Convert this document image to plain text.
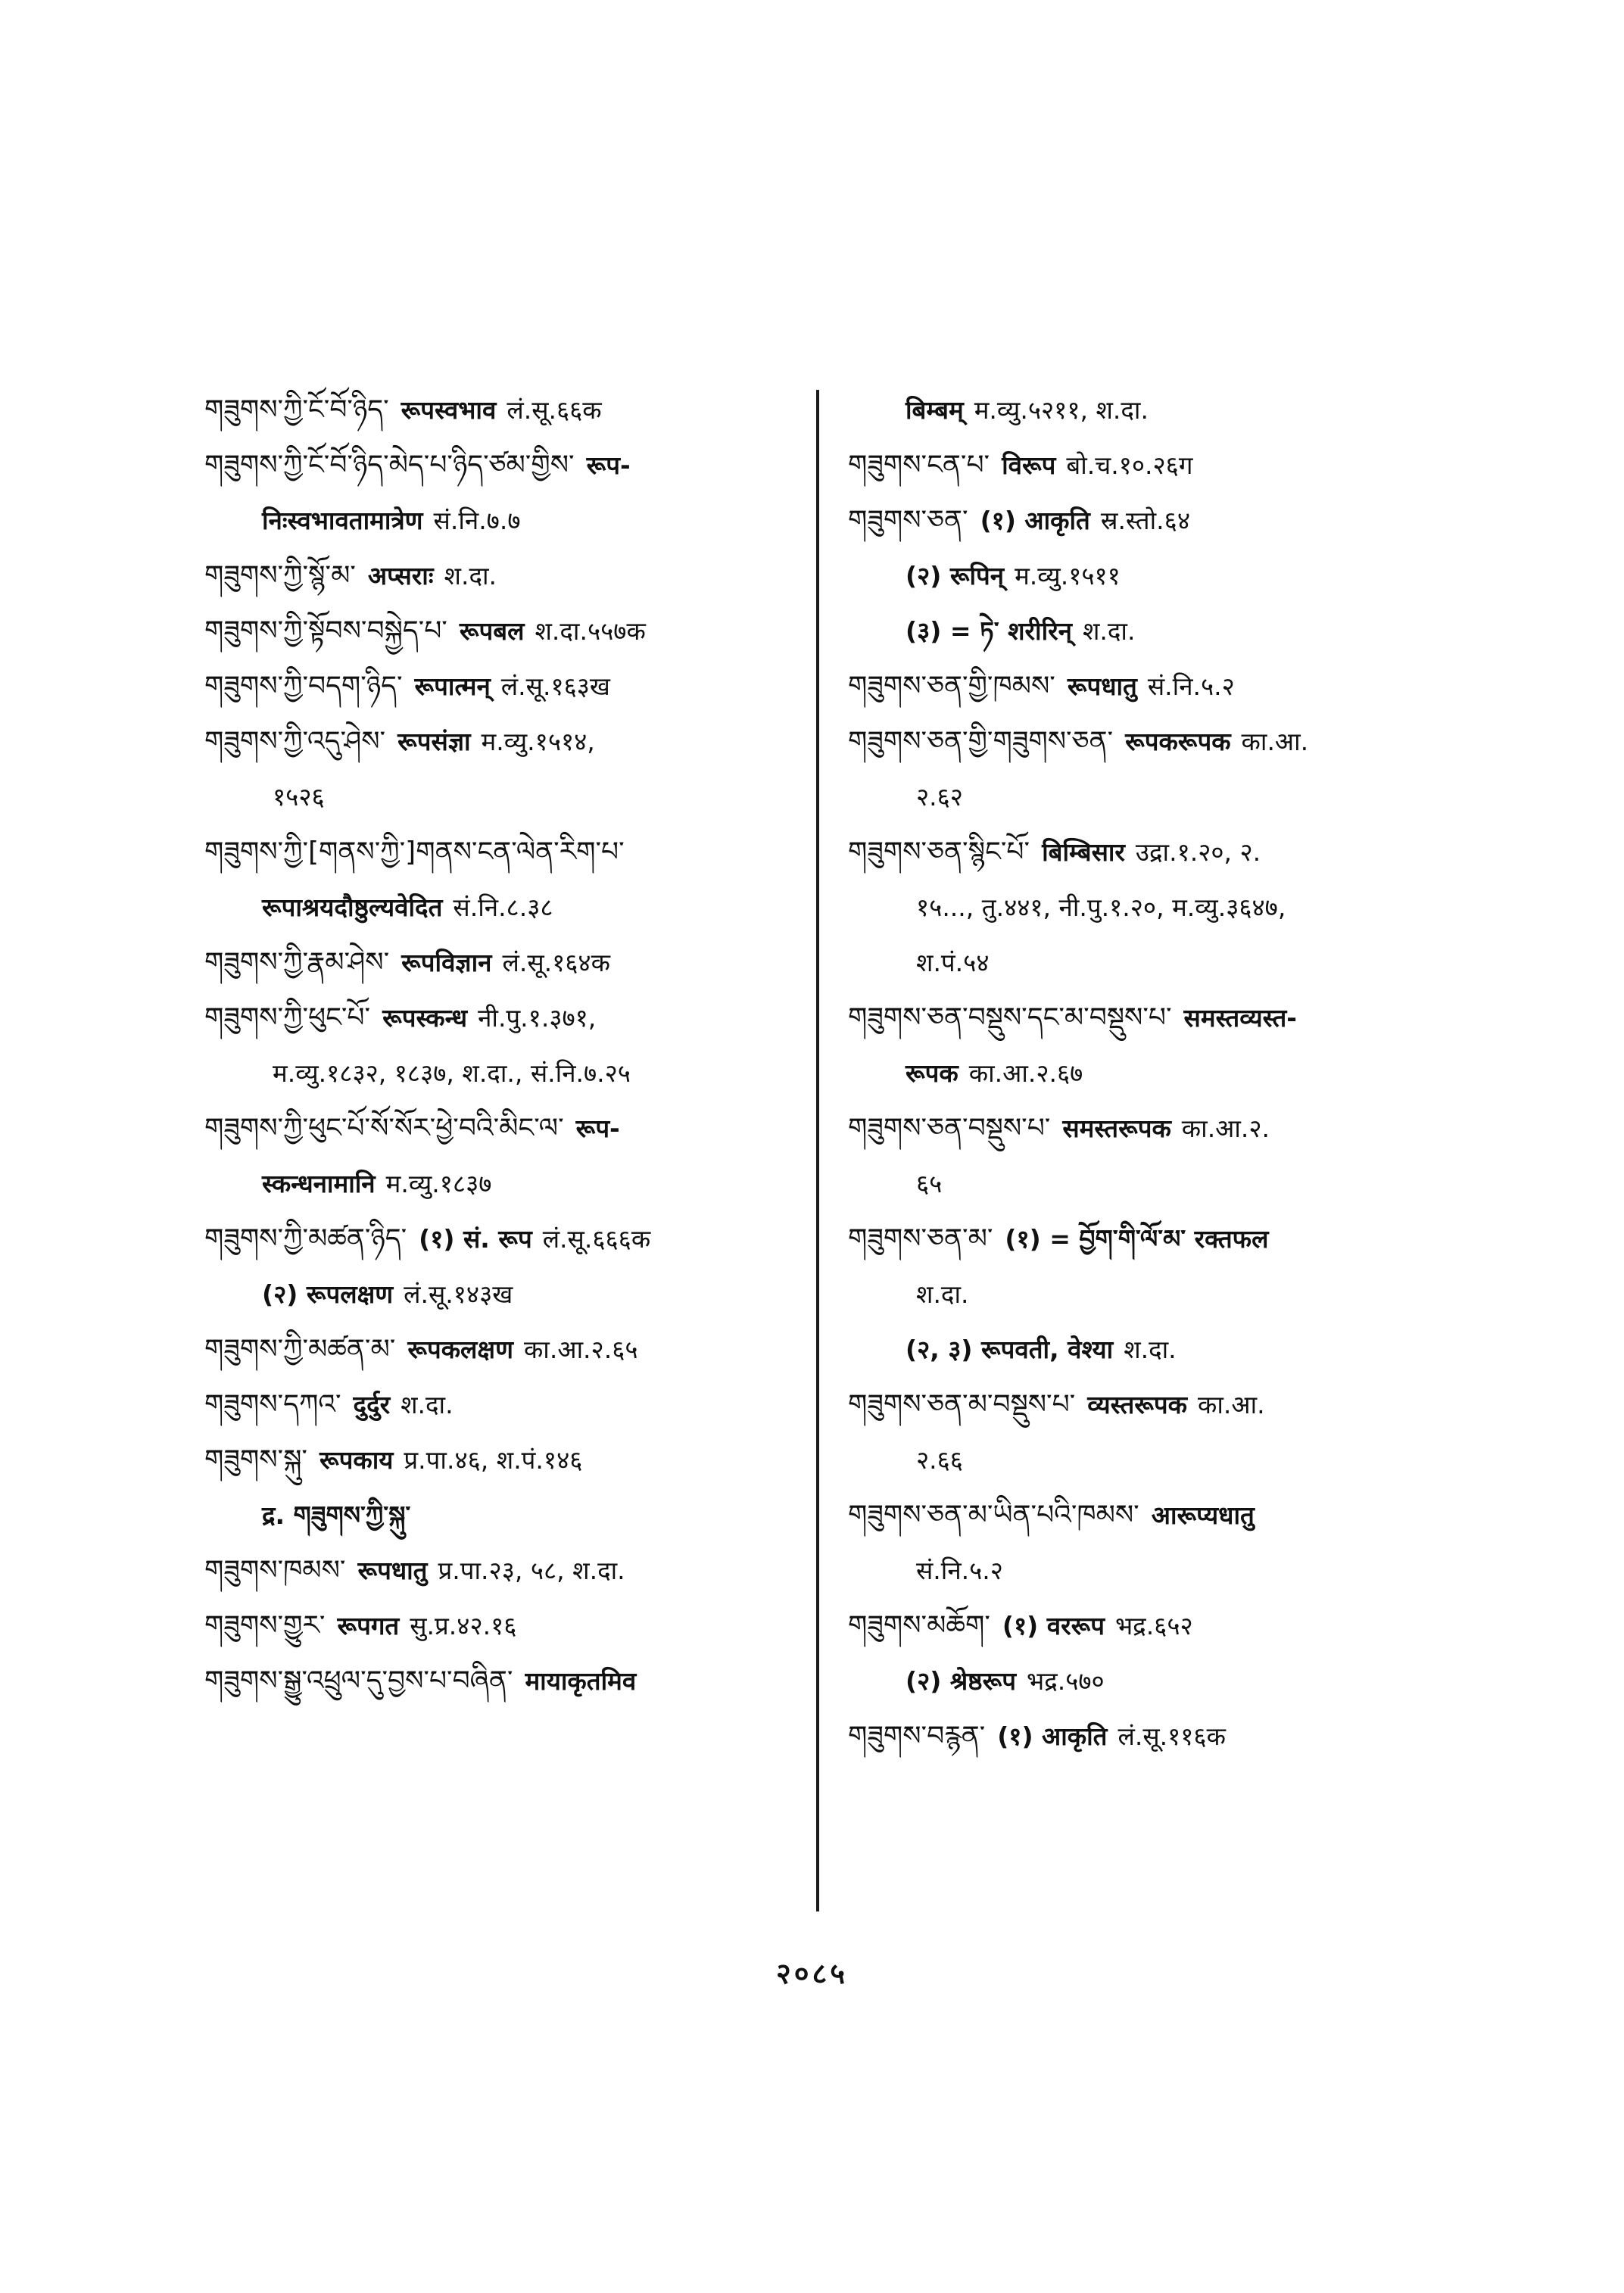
གཟུགས་ཀྱི་ངོ་བོ་ཉིད་ रूपस्वभाव लं.सू.६६क
གཟུགས་ཀྱི་ངོ་བོ་ཉིད་མེད་པ་ཉིད་ཙམ་གྱིས་ रूप-
निःस्वभावतामात्रेण सं.नि.७.७
གཟུགས་ཀྱི་སྙོ་མ་ अप्सराः श.दा.
གཟུགས་ཀྱི་སྟོབས་བསྐྱེད་པ་ रूपबल श.दा.५५७क
གཟུགས་ཀྱི་བདག་ཉིད་ रूपात्मन् लं.सू.१६३ख
གཟུགས་ཀྱི་འདུ་ཤེས་ रूपसंज्ञा म.व्यु.१५१४,
१५२६
གཟུགས་ཀྱི་[གནས་ཀྱི་]གནས་ངན་ལེན་རིག་པ་
रूपाश्रयदौष्ठुल्यवेदित सं.नि.८.३८
གཟུགས་ཀྱི་རྣམ་ཤེས་ रूपविज्ञान लं.सू.१६४क
གཟུགས་ཀྱི་ཕུང་པོ་ रूपस्कन्ध नी.पु.१.३७१,
म.व्यु.१८३२, १८३७, श.दा., सं.नि.७.२५
གཟུགས་ཀྱི་ཕུང་པོ་སོ་སོར་ཕྱེ་བའི་མིང་ལ་ रूप-
स्कन्धनामानि म.व्यु.१८३७
གཟུགས་ཀྱི་མཚན་ཉིད་ (१) सं. रूप लं.सू.६६६क
(२) रूपलक्षण लं.सू.१४३ख
གཟུགས་ཀྱི་མཚན་མ་ रूपकलक्षण का.आ.२.६५
གཟུགས་དཀའ་ दुर्दुर श.दा.
གཟུགས་སྐུ་ रूपकाय प्र.पा.४६, श.पं.१४६
द्र. གཟུགས་ཀྱི་སྐུ་
གཟུགས་ཁམས་ रूपधातु प्र.पा.२३, ५८, श.दा.
གཟུགས་གྱུར་ रूपगत सु.प्र.४२.१६
གཟུགས་སྒྱུ་འཕྲུལ་དུ་བྱས་པ་བཞིན་ मायाकृतमिव
बिम्बम् म.व्यु.५२११, श.दा.
གཟུགས་ངན་པ་ विरूप बो.च.१०.२६ग
གཟུགས་ཅན་ (१) आकृति स्र.स्तो.६४
(२) रूपिन् म.व्यु.१५११
(३) = ཏེ་ शरीरिन् श.दा.
གཟུགས་ཅན་གྱི་ཁམས་ रूपधातु सं.नि.५.२
གཟུགས་ཅན་གྱི་གཟུགས་ཅན་ रूपकरूपक का.आ.
२.६२
གཟུགས་ཅན་སྙིང་པོ་ बिम्बिसार उद्रा.१.२०, २.
१५..., तु.४४१, नी.पु.१.२०, म.व्यु.३६४७,
श.पं.५४
གཟུགས་ཅན་བསྡུས་དང་མ་བསྡུས་པ་ समस्तव्यस्त-
रूपक का.आ.२.६७
གཟུགས་ཅན་བསྡུས་པ་ समस्तरूपक का.आ.२.
६५
གཟུགས་ཅན་མ་ (१) = བྱོག་གི་ལོ་མ་ रक्तफल
श.दा.
(२, ३) रूपवती, वेश्या श.दा.
གཟུགས་ཅན་མ་བསྡུས་པ་ व्यस्तरूपक का.आ.
२.६६
གཟུགས་ཅན་མ་ཡིན་པའི་ཁམས་ आरूप्यधातु
सं.नि.५.२
གཟུགས་མཆོག་ (१) वररूप भद्र.६५२
(२) श्रेष्ठरूप भद्र.५७०
གཟུགས་བརྙན་ (१) आकृति लं.सू.११६क
२०८५
